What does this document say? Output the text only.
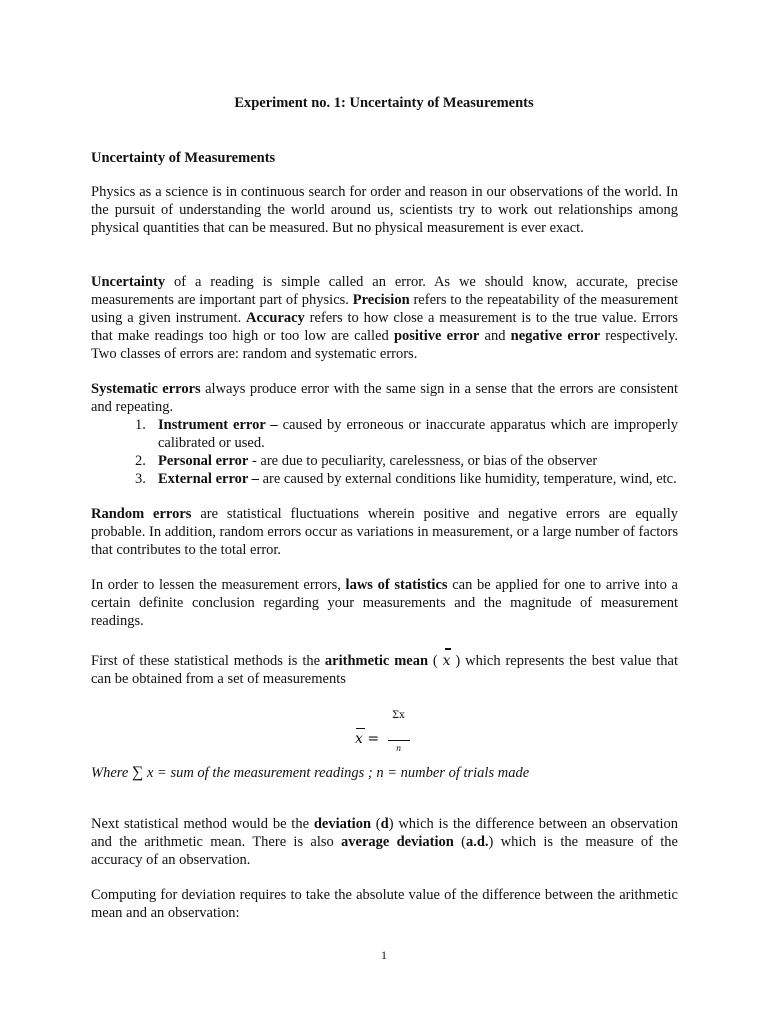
Experiment no. 1: Uncertainty of Measurements
Uncertainty of Measurements

Physics as a science is in continuous search for order and reason in our observations of the world. In the pursuit of understanding the world around us, scientists try to work out relationships among physical quantities that can be measured. But no physical measurement is ever exact.

Uncertainty of a reading is simple called an error. As we should know, accurate, precise measurements are important part of physics. Precision refers to the repeatability of the measurement using a given instrument. Accuracy refers to how close a measurement is to the true value. Errors that make readings too high or too low are called positive error and negative error respectively. Two classes of errors are: random and systematic errors.

Systematic errors always produce error with the same sign in a sense that the errors are consistent and repeating.

1. Instrument error – caused by erroneous or inaccurate apparatus which are improperly calibrated or used.
2. Personal error - are due to peculiarity, carelessness, or bias of the observer
3. External error – are caused by external conditions like humidity, temperature, wind, etc.

Random errors are statistical fluctuations wherein positive and negative errors are equally probable. In addition, random errors occur as variations in measurement, or a large number of factors that contributes to the total error.

In order to lessen the measurement errors, laws of statistics can be applied for one to arrive into a certain definite conclusion regarding your measurements and the magnitude of measurement readings.

First of these statistical methods is the arithmetic mean ( x ) which represents the best value that can be obtained from a set of measurements

x =
Σx
n
Where ∑ x = sum of the measurement readings ; n = number of trials made

Next statistical method would be the deviation (d) which is the difference between an observation and the arithmetic mean. There is also average deviation (a.d.) which is the measure of the accuracy of an observation.

Computing for deviation requires to take the absolute value of the difference between the arithmetic mean and an observation:

1
